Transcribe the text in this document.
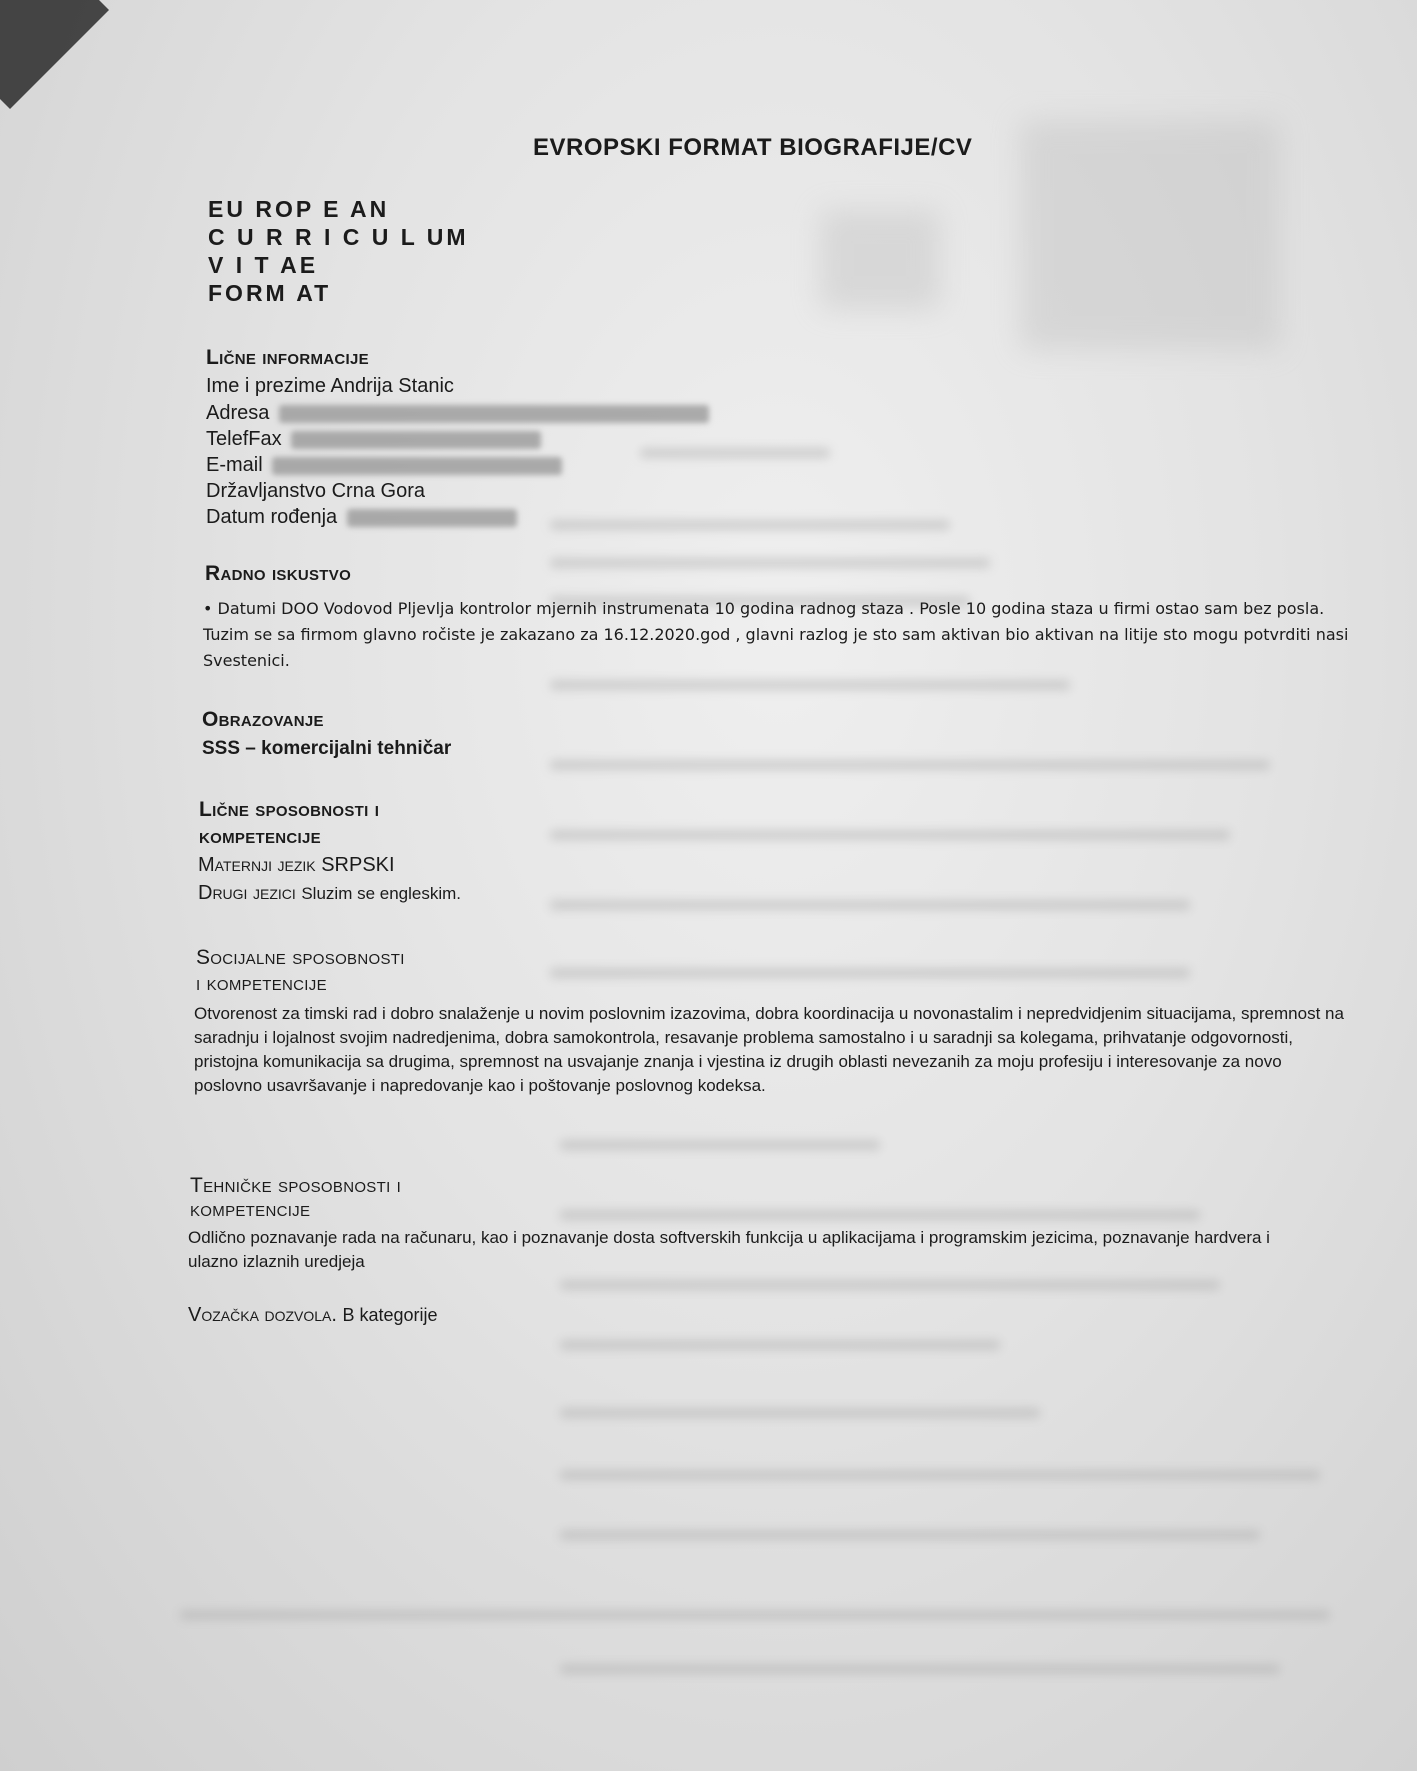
EVROPSKI FORMAT BIOGRAFIJE/CV
EU ROP E AN
C U R R I C U L UM
V I T AE
FORM AT
Lične informacije
Ime i prezime Andrija Stanic
Adresa
TelefFax
E-mail
Državljanstvo Crna Gora
Datum rođenja
Radno iskustvo
• Datumi DOO Vodovod Pljevlja kontrolor mjernih instrumenata 10 godina radnog staza . Posle 10 godina staza u firmi ostao sam bez posla. Tuzim se sa firmom glavno ročiste je zakazano za 16.12.2020.god , glavni razlog je sto sam aktivan bio aktivan na litije sto mogu potvrditi nasi Svestenici.
Obrazovanje
SSS – komercijalni tehničar
Lične sposobnosti i
kompetencije
Maternji jezik SRPSKI
Drugi jezici Sluzim se engleskim.
Socijalne sposobnosti
i kompetencije
Otvorenost za timski rad i dobro snalaženje u novim poslovnim izazovima, dobra koordinacija u novonastalim i nepredvidjenim situacijama, spremnost na saradnju i lojalnost svojim nadredjenima, dobra samokontrola, resavanje problema samostalno i u saradnji sa kolegama, prihvatanje odgovornosti, pristojna komunikacija sa drugima, spremnost na usvajanje znanja i vjestina iz drugih oblasti nevezanih za moju profesiju i interesovanje za novo poslovno usavršavanje i napredovanje kao i poštovanje poslovnog kodeksa.
Tehničke sposobnosti i
kompetencije
Odlično poznavanje rada na računaru, kao i poznavanje dosta softverskih funkcija u aplikacijama i programskim jezicima, poznavanje hardvera i ulazno izlaznih uredjeja
Vozačka dozvola. B kategorije
